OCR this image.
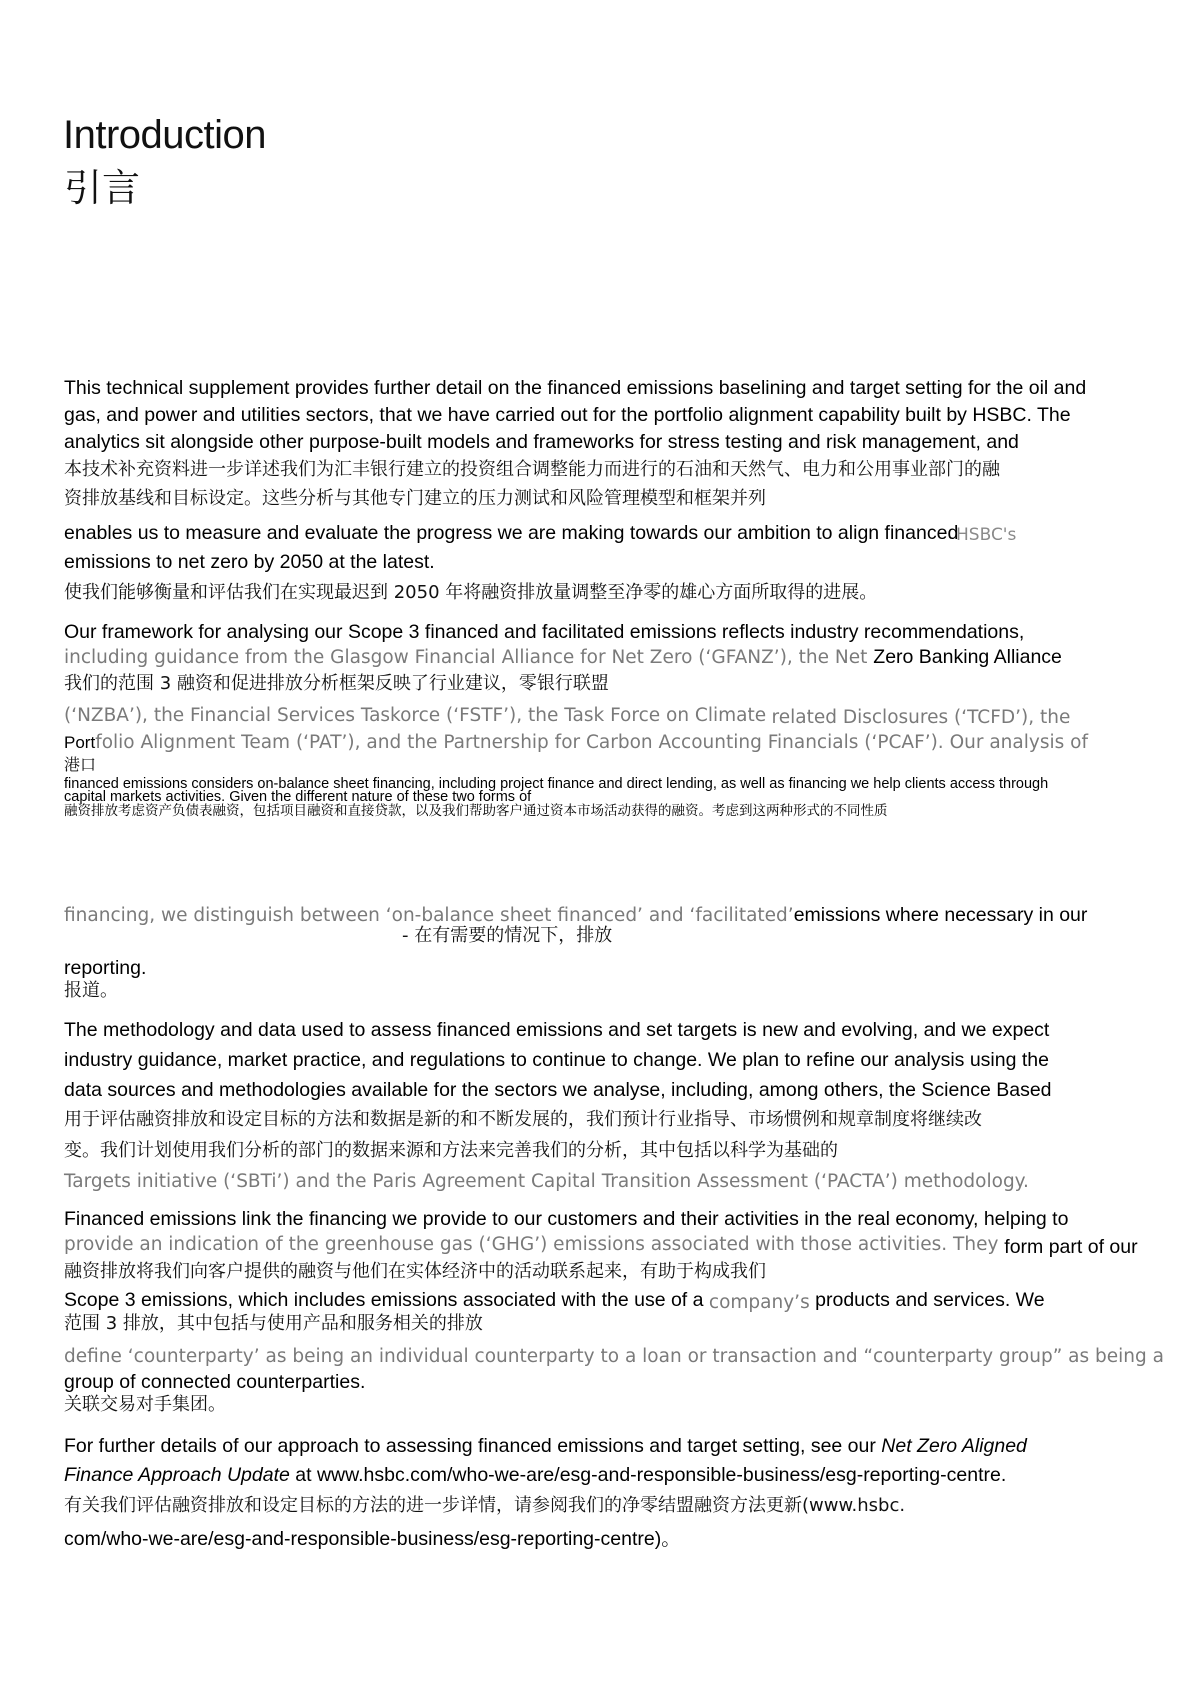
Introduction
引言
This technical supplement provides further detail on the financed emissions baselining and target setting for the oil and
gas, and power and utilities sectors, that we have carried out for the portfolio alignment capability built by HSBC. The
analytics sit alongside other purpose-built models and frameworks for stress testing and risk management, and
本技术补充资料进一步详述我们为汇丰银行建立的投资组合调整能力而进行的石油和天然气、电力和公用事业部门的融
资排放基线和目标设定。这些分析与其他专门建立的压力测试和风险管理模型和框架并列
enables us to measure and evaluate the progress we are making towards our ambition to align financed
HSBC's
emissions to net zero by 2050 at the latest.
使我们能够衡量和评估我们在实现最迟到 2050 年将融资排放量调整至净零的雄心方面所取得的进展。
Our framework for analysing our Scope 3 financed and facilitated emissions reflects industry recommendations,
including guidance from the Glasgow Financial Alliance for Net Zero (‘GFANZ’), the Net Zero Banking Alliance
我们的范围 3 融资和促进排放分析框架反映了行业建议，零银行联盟
(‘NZBA’), the Financial Services Taskorce (‘FSTF’), the Task Force on Climate related Disclosures (‘TCFD’), the
Portfolio Alignment Team (‘PAT’), and the Partnership for Carbon Accounting Financials (‘PCAF’). Our analysis of
港口
financed emissions considers on-balance sheet financing, including project finance and direct lending, as well as financing we help clients access through
capital markets activities. Given the different nature of these two forms of
融资排放考虑资产负债表融资，包括项目融资和直接贷款，以及我们帮助客户通过资本市场活动获得的融资。考虑到这两种形式的不同性质
financing, we distinguish between ‘on-balance sheet financed’ and ‘facilitated’emissions where necessary in our
- 在有需要的情况下，排放
reporting.
报道。
The methodology and data used to assess financed emissions and set targets is new and evolving, and we expect
industry guidance, market practice, and regulations to continue to change. We plan to refine our analysis using the
data sources and methodologies available for the sectors we analyse, including, among others, the Science Based
用于评估融资排放和设定目标的方法和数据是新的和不断发展的，我们预计行业指导、市场惯例和规章制度将继续改
变。我们计划使用我们分析的部门的数据来源和方法来完善我们的分析，其中包括以科学为基础的
Targets initiative (‘SBTi’) and the Paris Agreement Capital Transition Assessment (‘PACTA’) methodology.
Financed emissions link the financing we provide to our customers and their activities in the real economy, helping to
provide an indication of the greenhouse gas (‘GHG’) emissions associated with those activities. They form part of our
融资排放将我们向客户提供的融资与他们在实体经济中的活动联系起来，有助于构成我们
Scope 3 emissions, which includes emissions associated with the use of a company’s products and services. We
范围 3 排放，其中包括与使用产品和服务相关的排放
define ‘counterparty’ as being an individual counterparty to a loan or transaction and “counterparty group” as being a
group of connected counterparties.
关联交易对手集团。
For further details of our approach to assessing financed emissions and target setting, see our Net Zero Aligned
Finance Approach Update at www.hsbc.com/who-we-are/esg-and-responsible-business/esg-reporting-centre.
有关我们评估融资排放和设定目标的方法的进一步详情，请参阅我们的净零结盟融资方法更新(www.hsbc.
com/who-we-are/esg-and-responsible-business/esg-reporting-centre)。
